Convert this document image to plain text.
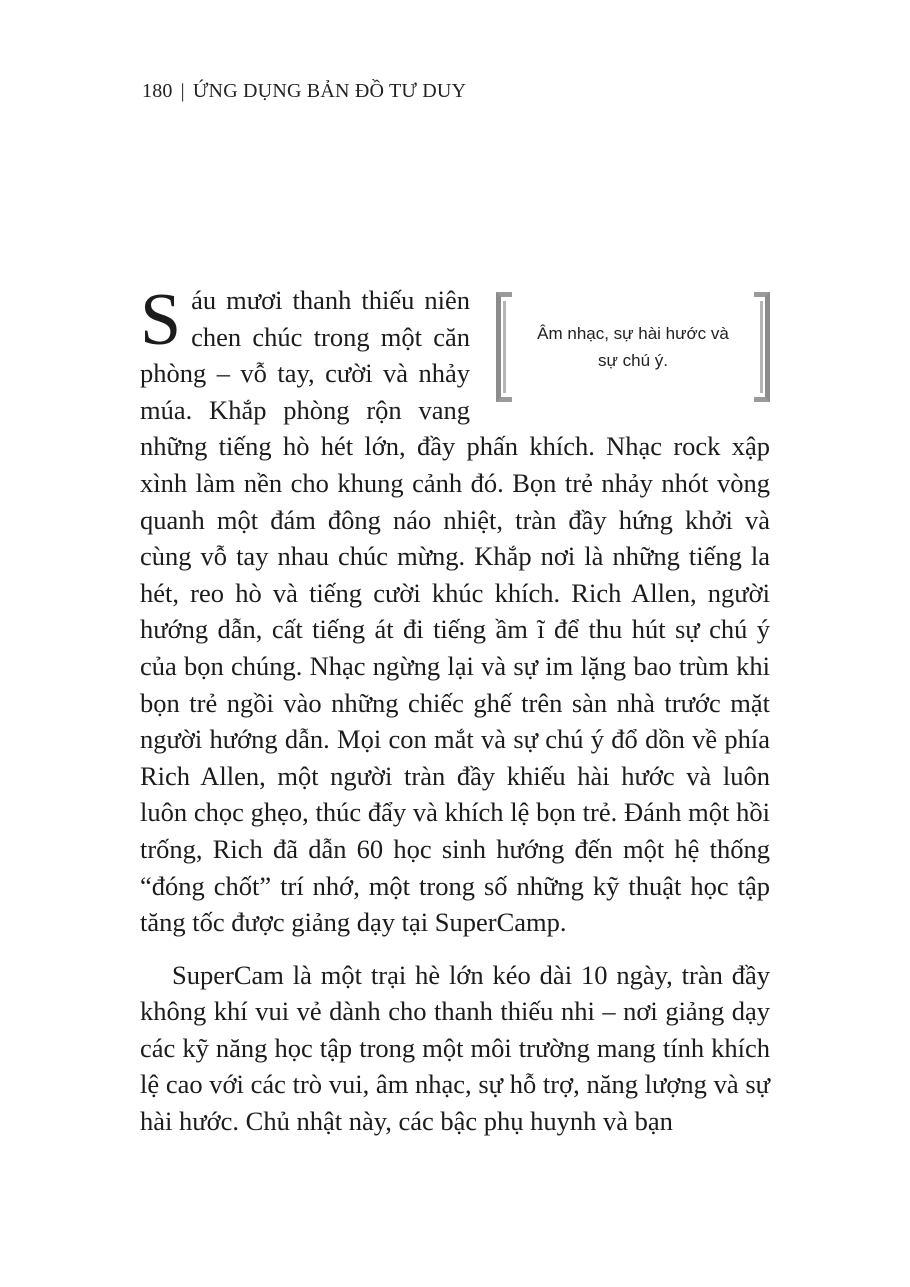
180 | ỨNG DỤNG BẢN ĐỒ TƯ DUY
Âm nhạc, sự hài hước và
sự chú ý.

Sáu mươi thanh thiếu niên chen chúc trong một căn phòng – vỗ tay, cười và nhảy múa. Khắp phòng rộn vang những tiếng hò hét lớn, đầy phấn khích. Nhạc rock xập xình làm nền cho khung cảnh đó. Bọn trẻ nhảy nhót vòng quanh một đám đông náo nhiệt, tràn đầy hứng khởi và cùng vỗ tay nhau chúc mừng. Khắp nơi là những tiếng la hét, reo hò và tiếng cười khúc khích. Rich Allen, người hướng dẫn, cất tiếng át đi tiếng ầm ĩ để thu hút sự chú ý của bọn chúng. Nhạc ngừng lại và sự im lặng bao trùm khi bọn trẻ ngồi vào những chiếc ghế trên sàn nhà trước mặt người hướng dẫn. Mọi con mắt và sự chú ý đổ dồn về phía Rich Allen, một người tràn đầy khiếu hài hước và luôn luôn chọc ghẹo, thúc đẩy và khích lệ bọn trẻ. Đánh một hồi trống, Rich đã dẫn 60 học sinh hướng đến một hệ thống “đóng chốt” trí nhớ, một trong số những kỹ thuật học tập tăng tốc được giảng dạy tại SuperCamp.

SuperCam là một trại hè lớn kéo dài 10 ngày, tràn đầy không khí vui vẻ dành cho thanh thiếu nhi – nơi giảng dạy các kỹ năng học tập trong một môi trường mang tính khích lệ cao với các trò vui, âm nhạc, sự hỗ trợ, năng lượng và sự hài hước. Chủ nhật này, các bậc phụ huynh và bạn
